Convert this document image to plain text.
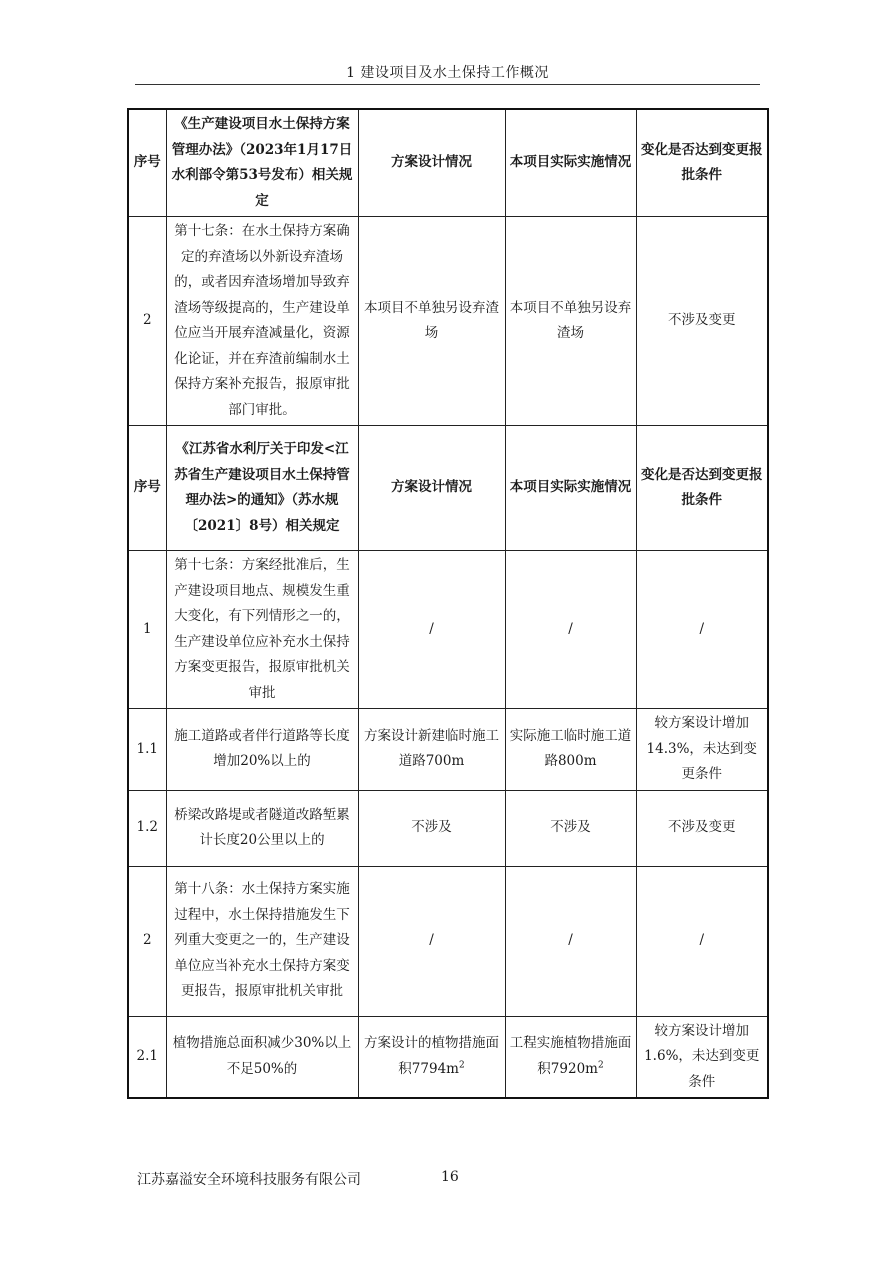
1 建设项目及水土保持工作概况
序号	《生产建设项目水土保持方案管理办法》（2023年1月17日水利部令第53号发布）相关规定	方案设计情况	本项目实际实施情况	变化是否达到变更报批条件
2	第十七条：在水土保持方案确定的弃渣场以外新设弃渣场的，或者因弃渣场增加导致弃渣场等级提高的，生产建设单位应当开展弃渣减量化，资源化论证，并在弃渣前编制水土保持方案补充报告，报原审批部门审批。	本项目不单独另设弃渣场	本项目不单独另设弃渣场	不涉及变更
序号	《江苏省水利厅关于印发<江苏省生产建设项目水土保持管理办法>的通知》（苏水规〔2021〕8号）相关规定	方案设计情况	本项目实际实施情况	变化是否达到变更报批条件
1	第十七条：方案经批准后，生产建设项目地点、规模发生重大变化，有下列情形之一的，生产建设单位应补充水土保持方案变更报告，报原审批机关审批	/	/	/
1.1	施工道路或者伴行道路等长度增加20%以上的	方案设计新建临时施工道路700m	实际施工临时施工道路800m	较方案设计增加14.3%，未达到变更条件
1.2	桥梁改路堤或者隧道改路堑累计长度20公里以上的	不涉及	不涉及	不涉及变更
2	第十八条：水土保持方案实施过程中，水土保持措施发生下列重大变更之一的，生产建设单位应当补充水土保持方案变更报告，报原审批机关审批	/	/	/
2.1	植物措施总面积减少30%以上不足50%的	方案设计的植物措施面积$7794m^2$	工程实施植物措施面积$7920m^2$	较方案设计增加1.6%，未达到变更条件
江苏嘉溢安全环境科技服务有限公司	16
